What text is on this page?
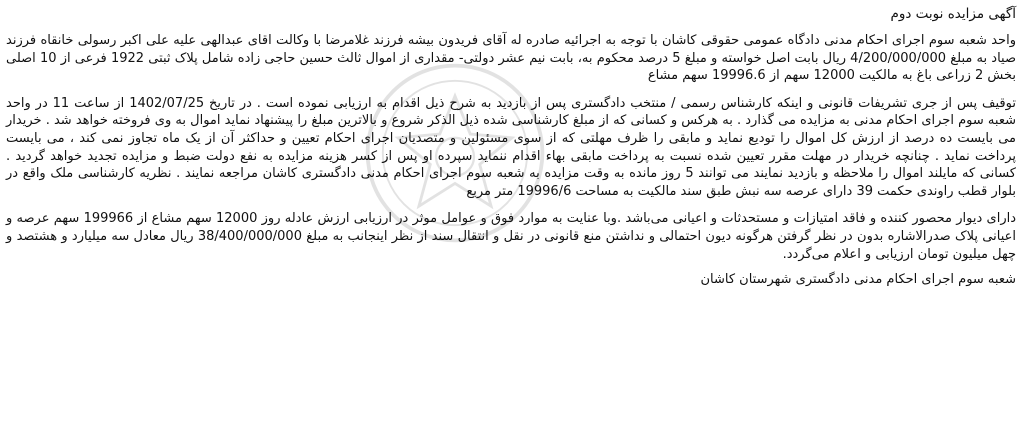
آگهی مزایده نوبت دوم
واحد شعبه سوم اجرای احکام مدنی دادگاه عمومی حقوقی کاشان با توجه به اجرائیه صادره له آقای فریدون بیشه فرزند غلامرضا با وکالت اقای عبدالهی علیه علی اکبر رسولی خانقاه فرزند صیاد به مبلغ 4/200/000/000 ریال بابت اصل خواسته و مبلغ 5 درصد محکوم به، بابت نیم عشر دولتی- مقداری از اموال ثالث حسین حاجی زاده شامل پلاک ثبتی 1922 فرعی از 10 اصلی بخش 2 زراعی باغ به مالکیت 12000 سهم از 19996.6 سهم مشاع
توقیف پس از جری تشریفات قانونی و اینکه کارشناس رسمی / منتخب دادگستری پس از بازدید به شرح ذیل اقدام به ارزیابی نموده است . در تاریخ 1402/07/25 از ساعت 11 در واحد شعبه سوم اجرای احکام مدنی به مزایده می گذارد . به هرکس و کسانی که از مبلغ کارشناسی شده ذیل الذکر شروع و بالاترین مبلغ را پیشنهاد نماید اموال به وی فروخته خواهد شد . خریدار می بایست ده درصد از ارزش کل اموال را تودیع نماید و مابقی را ظرف مهلتی که از سوی مسئولین و متصدیان اجرای احکام تعیین و حداکثر آن از یک ماه تجاوز نمی کند ، می بایست پرداخت نماید . چنانچه خریدار در مهلت مقرر تعیین شده نسبت به پرداخت مابقی بهاء اقدام ننماید سپرده او پس از کسر هزینه مزایده به نفع دولت ضبط و مزایده تجدید خواهد گردید . کسانی که مایلند اموال را ملاحظه و بازدید نمایند می توانند 5 روز مانده به وقت مزایده به شعبه سوم اجرای احکام مدنی دادگستری کاشان مراجعه نمایند . نظریه کارشناسی ملک واقع در بلوار قطب راوندی حکمت 39 دارای عرصه سه نبش طبق سند مالکیت به مساحت 19996/6 متر مربع
دارای دیوار محصور کننده و فاقد امتیازات و مستحدثات و اعیانی می‌باشد .وبا عنایت به موارد فوق و عوامل موثر در ارزیابی ارزش عادله روز 12000 سهم مشاع از 199966 سهم عرصه و اعیانی پلاک صدرالاشاره بدون در نظر گرفتن هرگونه دیون احتمالی و نداشتن منع قانونی در نقل و انتقال سند از نظر اینجانب به مبلغ 38/400/000/000 ریال معادل سه میلیارد و هشتصد و چهل میلیون تومان ارزیابی و اعلام می‌گردد.
شعبه سوم اجرای احکام مدنی دادگستری شهرستان کاشان
